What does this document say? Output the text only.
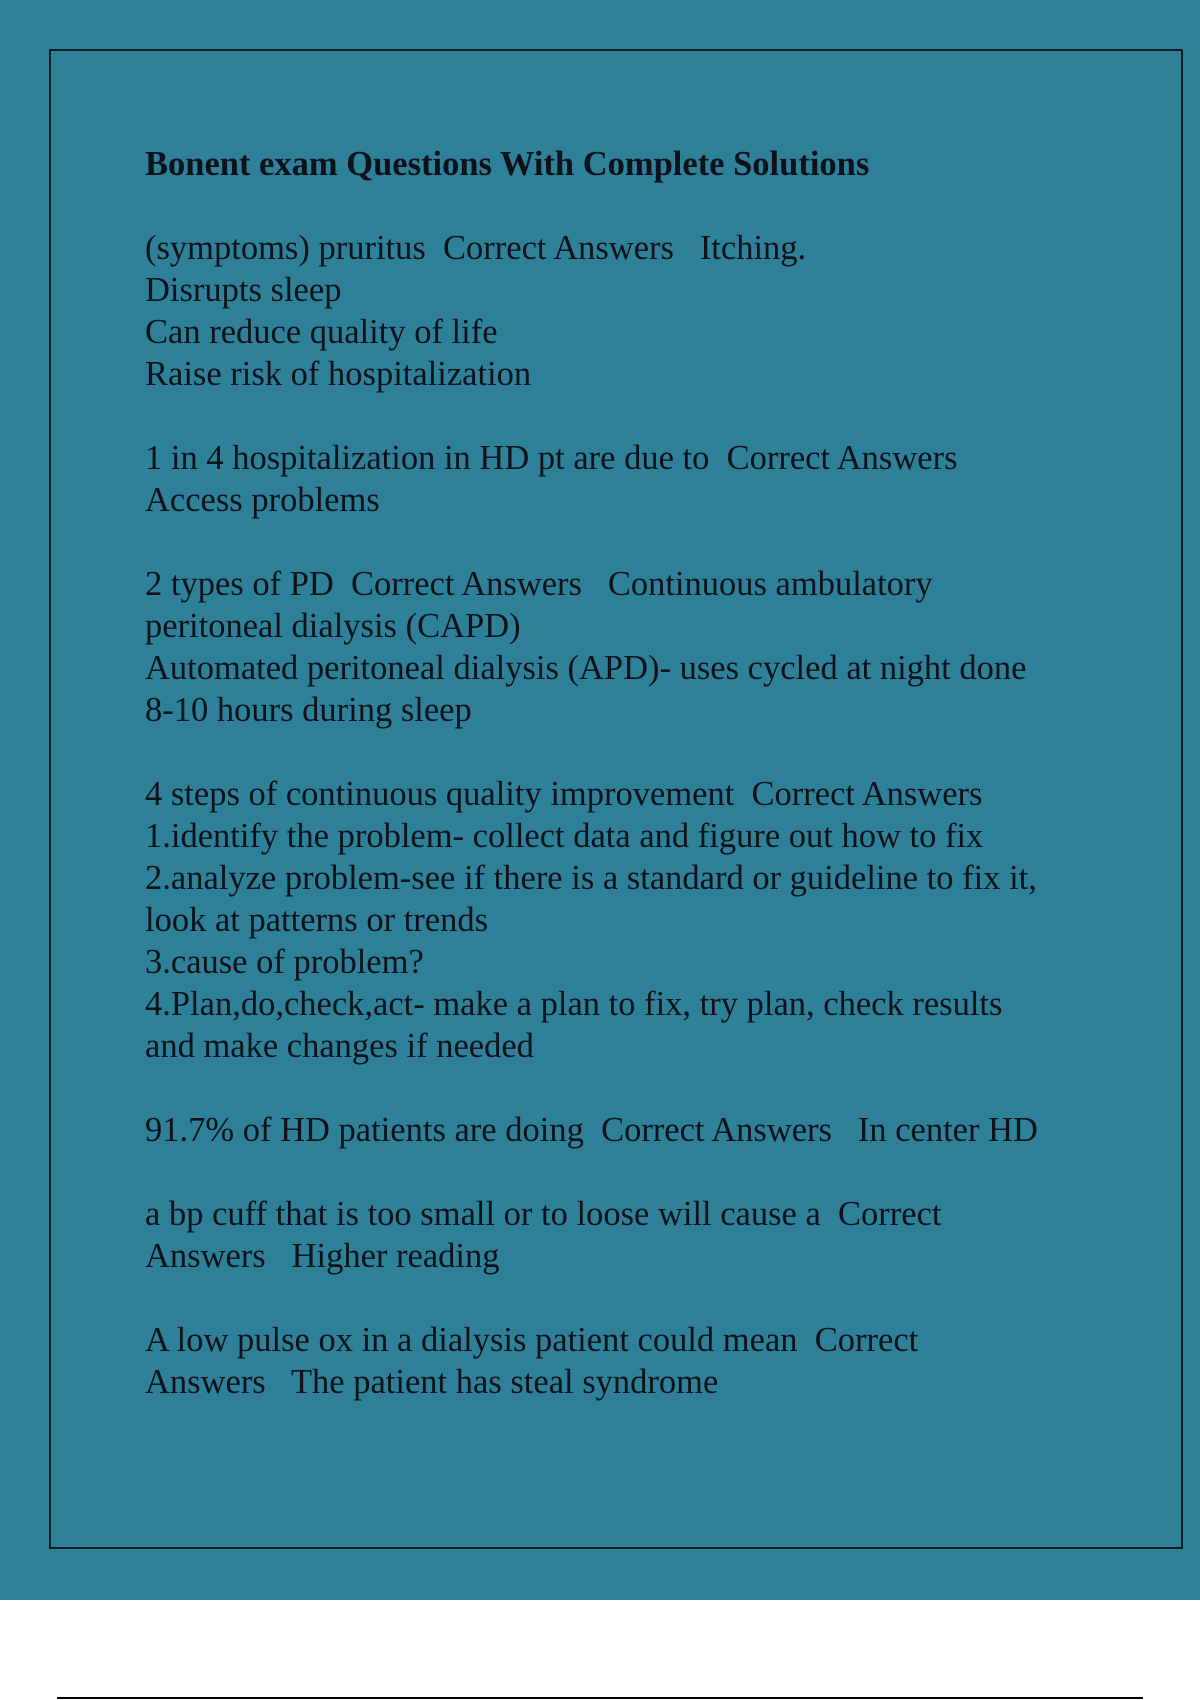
Bonent exam Questions With Complete Solutions
(symptoms) pruritus  Correct Answers   Itching.
Disrupts sleep
Can reduce quality of life
Raise risk of hospitalization
1 in 4 hospitalization in HD pt are due to  Correct Answers
Access problems
2 types of PD  Correct Answers   Continuous ambulatory
peritoneal dialysis (CAPD)
Automated peritoneal dialysis (APD)- uses cycled at night done
8-10 hours during sleep
4 steps of continuous quality improvement  Correct Answers
1.identify the problem- collect data and figure out how to fix
2.analyze problem-see if there is a standard or guideline to fix it,
look at patterns or trends
3.cause of problem?
4.Plan,do,check,act- make a plan to fix, try plan, check results
and make changes if needed
91.7% of HD patients are doing  Correct Answers   In center HD
a bp cuff that is too small or to loose will cause a  Correct
Answers   Higher reading
A low pulse ox in a dialysis patient could mean  Correct
Answers   The patient has steal syndrome
